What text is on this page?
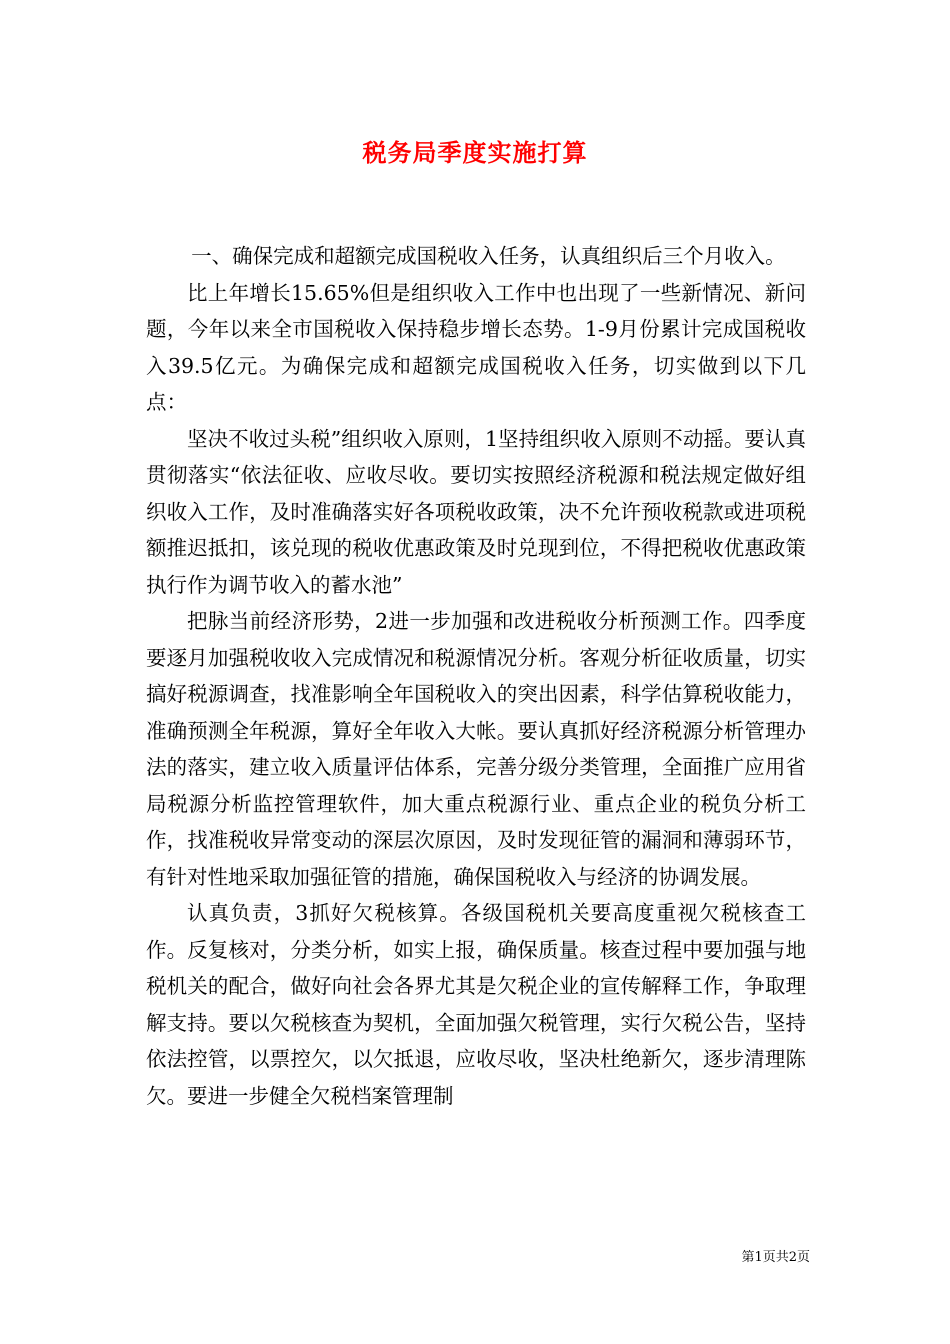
税务局季度实施打算

一、确保完成和超额完成国税收入任务，认真组织后三个月收入。

比上年增长15.65%但是组织收入工作中也出现了一些新情况、新问题，今年以来全市国税收入保持稳步增长态势。1-9月份累计完成国税收入39.5亿元。为确保完成和超额完成国税收入任务，切实做到以下几点：

坚决不收过头税”组织收入原则，1坚持组织收入原则不动摇。要认真贯彻落实“依法征收、应收尽收。要切实按照经济税源和税法规定做好组织收入工作，及时准确落实好各项税收政策，决不允许预收税款或进项税额推迟抵扣，该兑现的税收优惠政策及时兑现到位，不得把税收优惠政策执行作为调节收入的蓄水池”

把脉当前经济形势，2进一步加强和改进税收分析预测工作。四季度要逐月加强税收收入完成情况和税源情况分析。客观分析征收质量，切实搞好税源调查，找准影响全年国税收入的突出因素，科学估算税收能力，准确预测全年税源，算好全年收入大帐。要认真抓好经济税源分析管理办法的落实，建立收入质量评估体系，完善分级分类管理，全面推广应用省局税源分析监控管理软件，加大重点税源行业、重点企业的税负分析工作，找准税收异常变动的深层次原因，及时发现征管的漏洞和薄弱环节，有针对性地采取加强征管的措施，确保国税收入与经济的协调发展。

认真负责，3抓好欠税核算。各级国税机关要高度重视欠税核查工作。反复核对，分类分析，如实上报，确保质量。核查过程中要加强与地税机关的配合，做好向社会各界尤其是欠税企业的宣传解释工作，争取理解支持。要以欠税核查为契机，全面加强欠税管理，实行欠税公告，坚持依法控管，以票控欠，以欠抵退，应收尽收，坚决杜绝新欠，逐步清理陈欠。要进一步健全欠税档案管理制

第1页共2页
